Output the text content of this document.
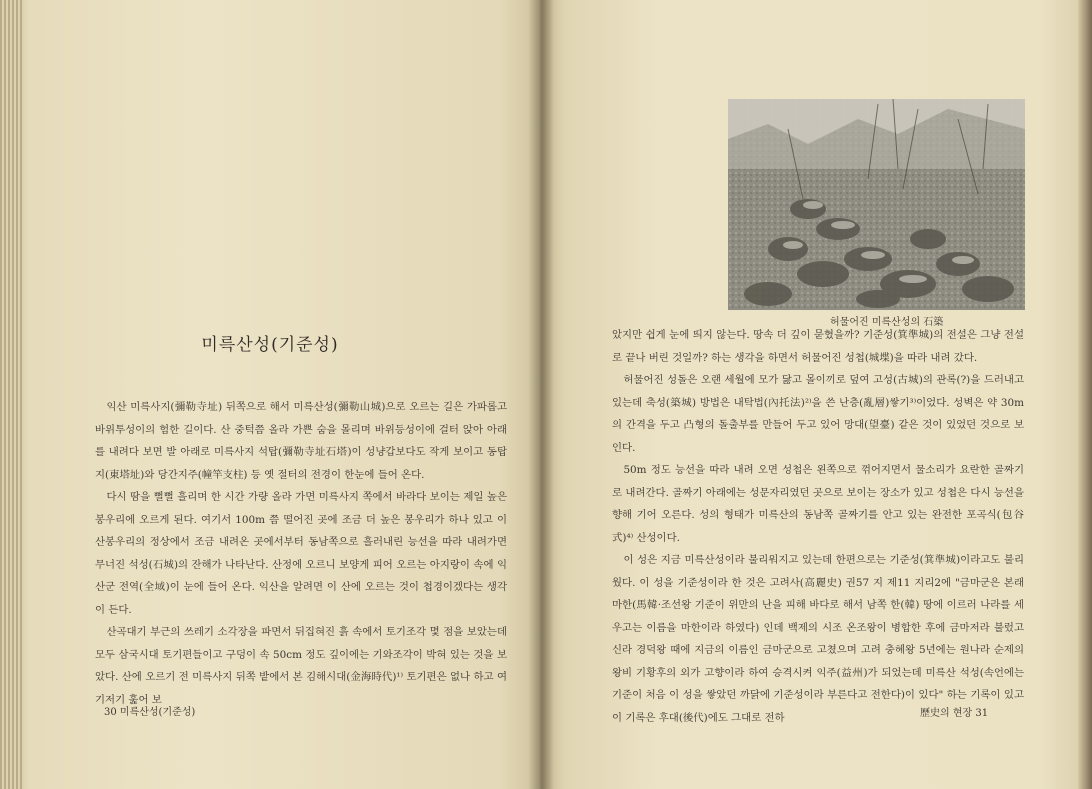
미륵산성(기준성)

익산 미륵사지(彌勒寺址) 뒤쪽으로 해서 미륵산성(彌勒山城)으로 오르는 길은 가파롭고 바위투성이의 험한 길이다. 산 중턱쯤 올라 가쁜 숨을 몰리며 바위등성이에 걸터 앉아 아래를 내려다 보면 발 아래로 미륵사지 석탑(彌勒寺址石塔)이 성냥갑보다도 작게 보이고 동탑지(東塔址)와 당간지주(幢竿支柱) 등 옛 절터의 전경이 한눈에 들어 온다.

다시 땀을 뻘뻘 흘리며 한 시간 가량 올라 가면 미륵사지 쪽에서 바라다 보이는 제일 높은 봉우리에 오르게 된다. 여기서 100m 쯤 떨어진 곳에 조금 더 높은 봉우리가 하나 있고 이 산봉우리의 정상에서 조금 내려온 곳에서부터 동남쪽으로 흘러내린 능선을 따라 내려가면 무너진 석성(石城)의 잔해가 나타난다. 산정에 오르니 보양게 피어 오르는 아지랑이 속에 익산군 전역(全域)이 눈에 들어 온다. 익산을 알려면 이 산에 오르는 것이 첩경이겠다는 생각이 든다.

산곡대기 부근의 쓰레기 소각장을 파면서 뒤집혀진 흙 속에서 토기조각 몇 점을 보았는데 모두 삼국시대 토기편들이고 구덩이 속 50cm 정도 깊이에는 기와조각이 박혀 있는 것을 보았다. 산에 오르기 전 미륵사지 뒤쪽 밭에서 본 김해시대(金海時代)¹⁾ 토기편은 없나 하고 여기저기 훑어 보

30 미륵산성(기준성)
허물어진 미륵산성의 石築

았지만 쉽게 눈에 띄지 않는다. 땅속 더 깊이 묻혔을까? 기준성(箕準城)의 전설은 그냥 전설로 끝나 버린 것일까? 하는 생각을 하면서 허물어진 성첩(城堞)을 따라 내려 갔다.

허물어진 성돌은 오랜 세월에 모가 닳고 몰이끼로 덮여 고성(古城)의 관록(?)을 드러내고 있는데 축성(築城) 방법은 내탁법(內托法)²⁾을 쓴 난층(亂層)쌓기³⁾이었다. 성벽은 약 30m의 간격을 두고 凸형의 돌출부를 만들어 두고 있어 망대(望臺) 같은 것이 있었던 것으로 보인다.

50m 정도 능선을 따라 내려 오면 성첩은 왼쪽으로 꺾어지면서 물소리가 요란한 골짜기로 내려간다. 골짜기 아래에는 성문자리였던 곳으로 보이는 장소가 있고 성첩은 다시 능선을 향해 기어 오른다. 성의 형태가 미륵산의 동남쪽 골짜기를 안고 있는 완전한 포곡식(包谷式)⁴⁾ 산성이다.

이 성은 지금 미륵산성이라 불리워지고 있는데 한편으로는 기준성(箕準城)이라고도 불리웠다. 이 성을 기준성이라 한 것은 고려사(高麗史) 권57 지 제11 지리2에 "금마군은 본래 마한(馬韓·조선왕 기준이 위만의 난을 피해 바다로 해서 남쪽 한(韓) 땅에 이르러 나라를 세우고는 이름을 마한이라 하였다) 인데 백제의 시조 온조왕이 병합한 후에 금마저라 불렀고 신라 경덕왕 때에 지금의 이름인 금마군으로 고쳤으며 고려 충혜왕 5년에는 원나라 순제의 왕비 기황후의 외가 고향이라 하여 승격시켜 익주(益州)가 되었는데 미륵산 석성(속언에는 기준이 처음 이 성을 쌓았던 까닭에 기준성이라 부른다고 전한다)이 있다" 하는 기록이 있고 이 기록은 후대(後代)에도 그대로 전하	歷史의 현장 31
